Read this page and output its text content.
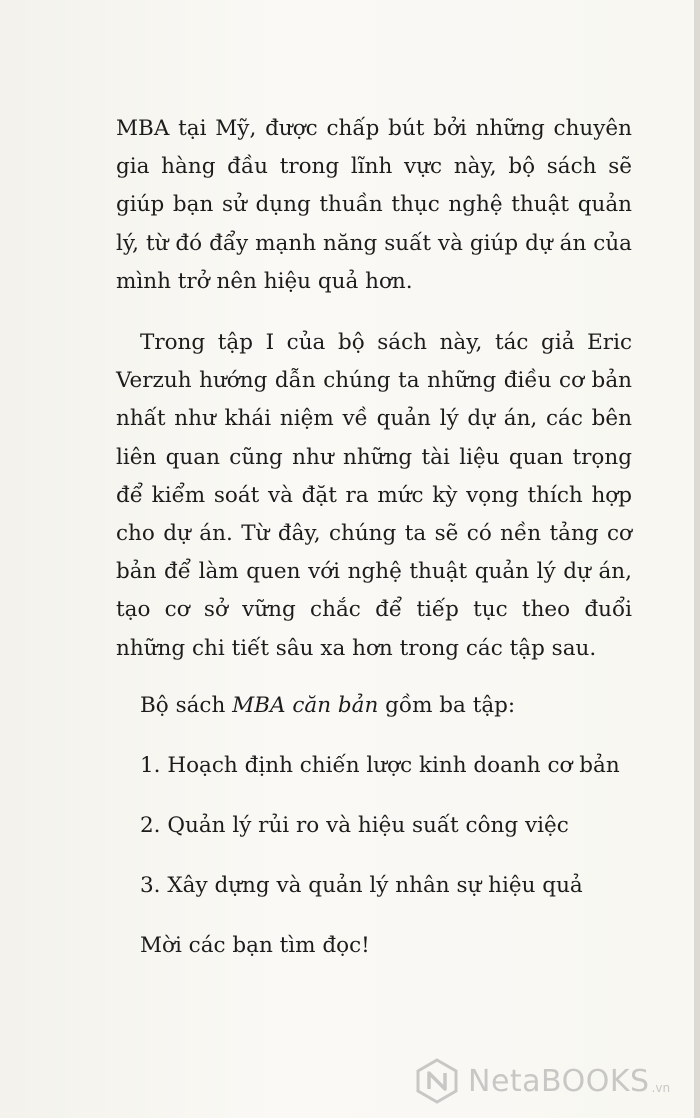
MBA tại Mỹ, được chấp bút bởi những chuyên gia hàng đầu trong lĩnh vực này, bộ sách sẽ giúp bạn sử dụng thuần thục nghệ thuật quản lý, từ đó đẩy mạnh năng suất và giúp dự án của mình trở nên hiệu quả hơn.

Trong tập I của bộ sách này, tác giả Eric Verzuh hướng dẫn chúng ta những điều cơ bản nhất như khái niệm về quản lý dự án, các bên liên quan cũng như những tài liệu quan trọng để kiểm soát và đặt ra mức kỳ vọng thích hợp cho dự án. Từ đây, chúng ta sẽ có nền tảng cơ bản để làm quen với nghệ thuật quản lý dự án, tạo cơ sở vững chắc để tiếp tục theo đuổi những chi tiết sâu xa hơn trong các tập sau.

Bộ sách MBA căn bản gồm ba tập:

1. Hoạch định chiến lược kinh doanh cơ bản

2. Quản lý rủi ro và hiệu suất công việc

3. Xây dựng và quản lý nhân sự hiệu quả

Mời các bạn tìm đọc!

NetaBOOKS .vn
